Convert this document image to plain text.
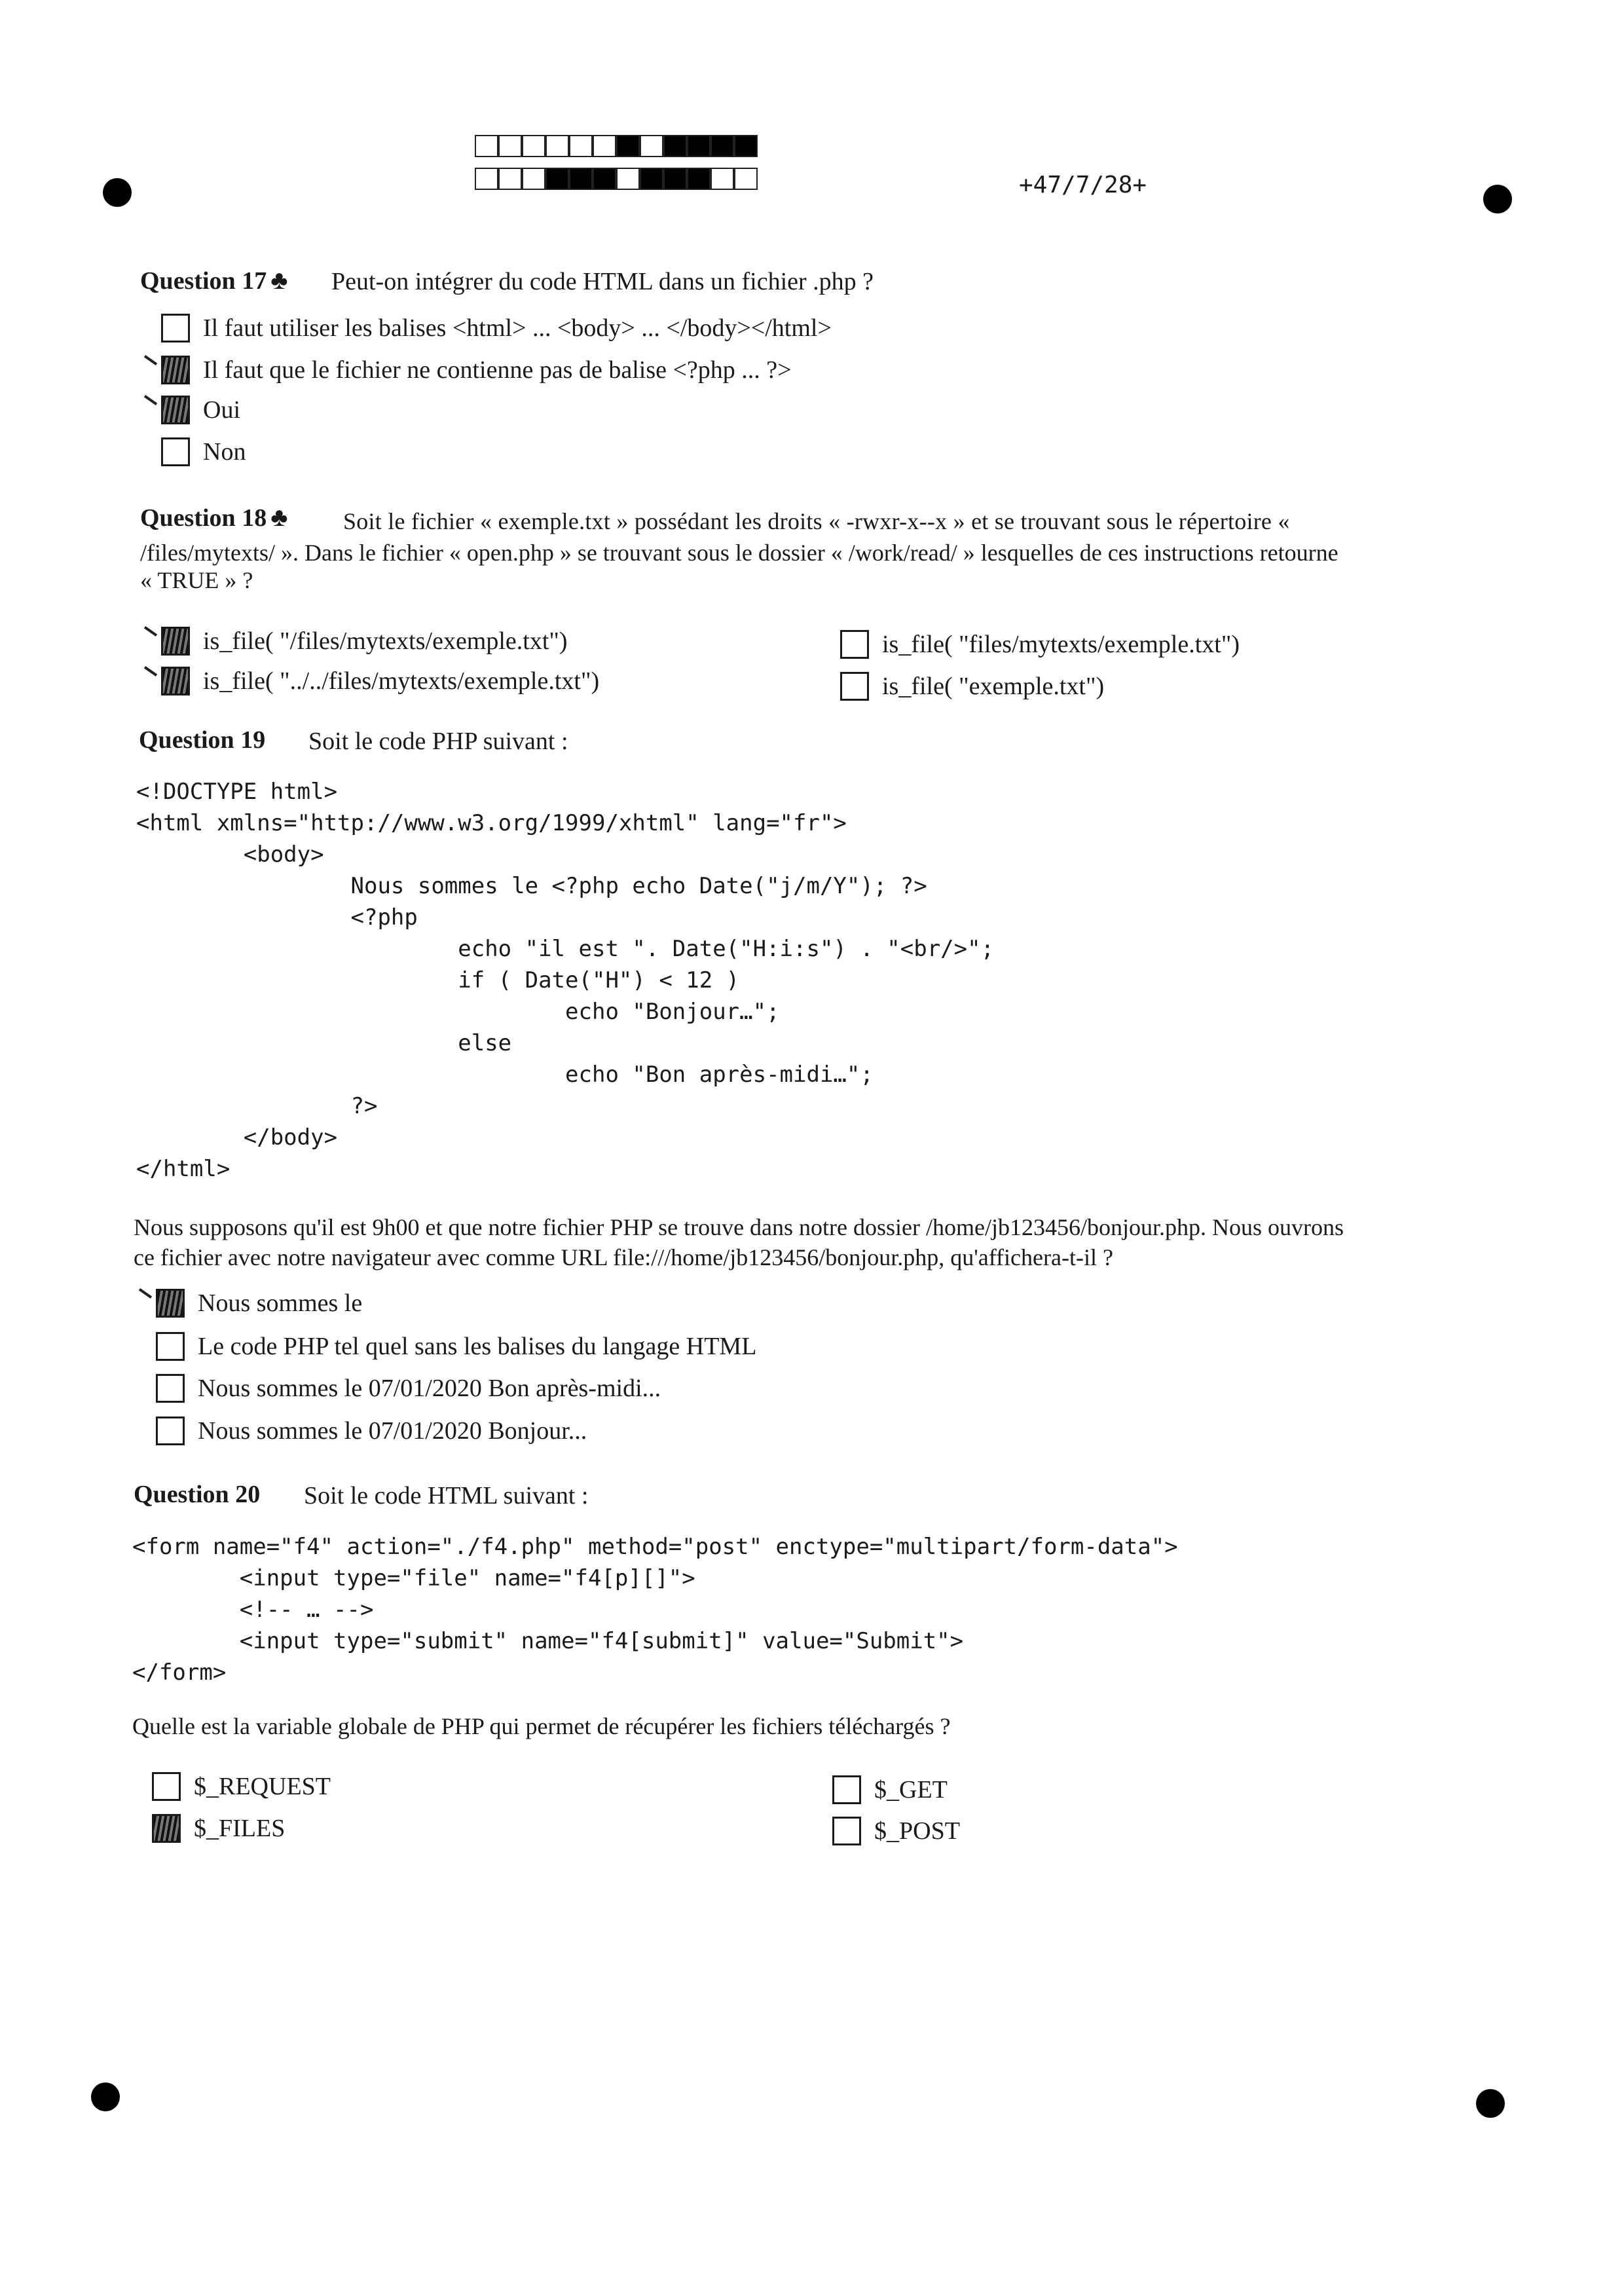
+47/7/28+
Question 17 ♣ Peut-on intégrer du code HTML dans un fichier .php ?
Il faut utiliser les balises <html> ... <body> ... </body></html>
Il faut que le fichier ne contienne pas de balise <?php ... ?>
Oui
Non
Question 18 ♣ Soit le fichier « exemple.txt » possédant les droits « -rwxr-x--x » et se trouvant sous le répertoire «
/files/mytexts/ ». Dans le fichier « open.php » se trouvant sous le dossier « /work/read/ » lesquelles de ces instructions retourne
« TRUE » ?
is_file( "/files/mytexts/exemple.txt")
is_file( "../../files/mytexts/exemple.txt")
is_file( "files/mytexts/exemple.txt")
is_file( "exemple.txt")
Question 19 Soit le code PHP suivant :
<!DOCTYPE html>
<html xmlns="http://www.w3.org/1999/xhtml" lang="fr">
<body>
Nous sommes le <?php echo Date("j/m/Y"); ?>
<?php
echo "il est ". Date("H:i:s") . "<br/>";
if ( Date("H") < 12 )
echo "Bonjour…";
else
echo "Bon après-midi…";
?>
</body>
</html>
Nous supposons qu'il est 9h00 et que notre fichier PHP se trouve dans notre dossier /home/jb123456/bonjour.php. Nous ouvrons
ce fichier avec notre navigateur avec comme URL file:///home/jb123456/bonjour.php, qu'affichera-t-il ?
Nous sommes le
Le code PHP tel quel sans les balises du langage HTML
Nous sommes le 07/01/2020 Bon après-midi...
Nous sommes le 07/01/2020 Bonjour...
Question 20 Soit le code HTML suivant :
<form name="f4" action="./f4.php" method="post" enctype="multipart/form-data">
<input type="file" name="f4[p][]">
<!-- … -->
<input type="submit" name="f4[submit]" value="Submit">
</form>
Quelle est la variable globale de PHP qui permet de récupérer les fichiers téléchargés ?
$_REQUEST
$_FILES
$_GET
$_POST
